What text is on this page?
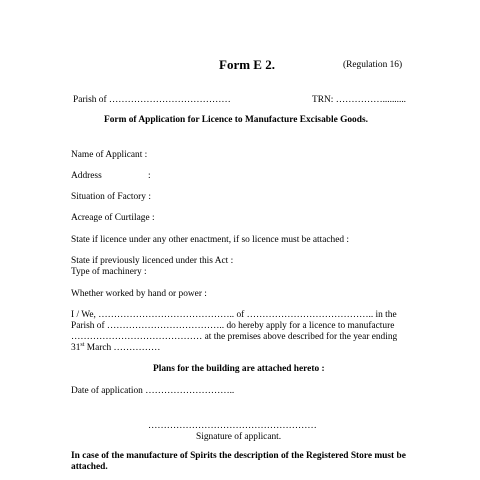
Form E 2.	(Regulation 16)
Parish of …………………………………	TRN: ……………..........
Form of Application for Licence to Manufacture Excisable Goods.
Name of Applicant :
Address	:
Situation of Factory :
Acreage of Curtilage :
State if licence under any other enactment, if so licence must be attached :
State if previously licenced under this Act :
Type of machinery :
Whether worked by hand or power :
I / We, …………………………………….. of ………………………………….. in the
Parish of ……………………………….. do hereby apply for a licence to manufacture
…………………………………… at the premises above described for the year ending
31st March ……………
Plans for the building are attached hereto :
Date of application ………………………..
………………………………………………
Signature of applicant.
In case of the manufacture of Spirits the description of the Registered Store must be
attached.
